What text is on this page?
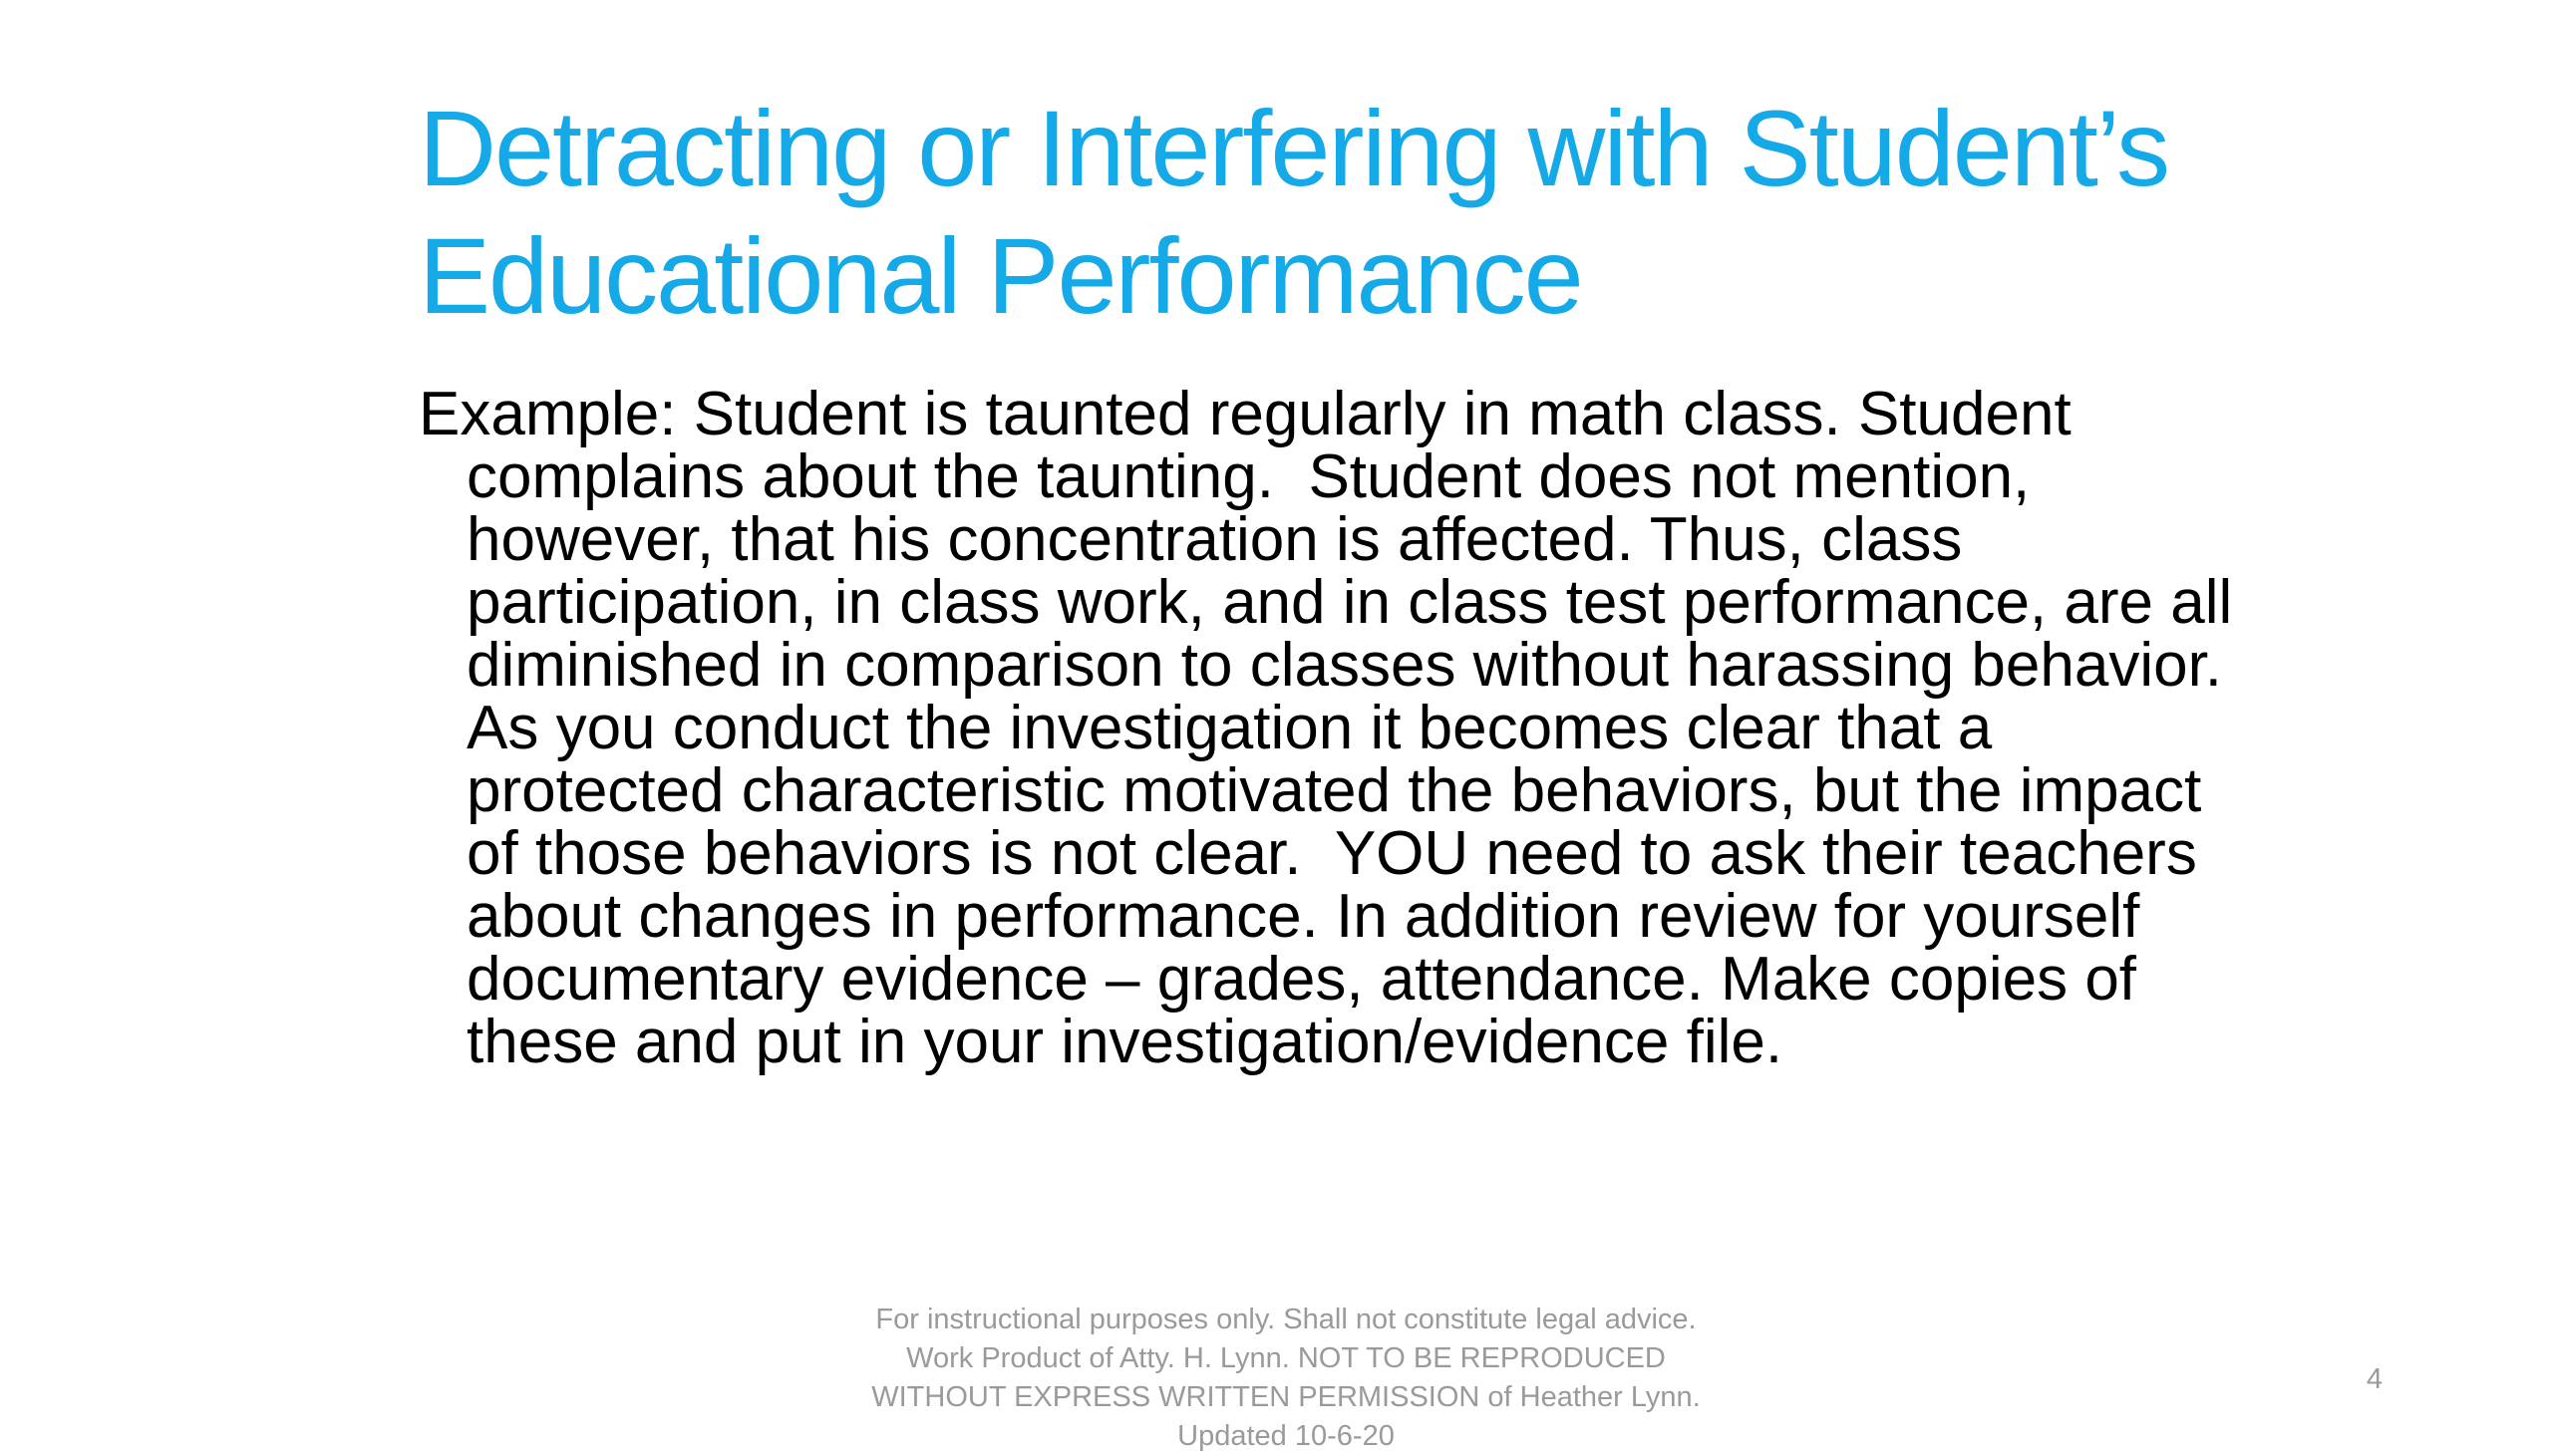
Detracting or Interfering with Student’s Educational Performance

Example: Student is taunted regularly in math class. Student complains about the taunting.  Student does not mention, however, that his concentration is affected. Thus, class participation, in class work, and in class test performance, are all diminished in comparison to classes without harassing behavior. As you conduct the investigation it becomes clear that a protected characteristic motivated the behaviors, but the impact of those behaviors is not clear.  YOU need to ask their teachers about changes in performance. In addition review for yourself documentary evidence – grades, attendance. Make copies of these and put in your investigation/evidence file.

For instructional purposes only. Shall not constitute legal advice. Work Product of Atty. H. Lynn. NOT TO BE REPRODUCED WITHOUT EXPRESS WRITTEN PERMISSION of Heather Lynn. Updated 10-6-20
4
